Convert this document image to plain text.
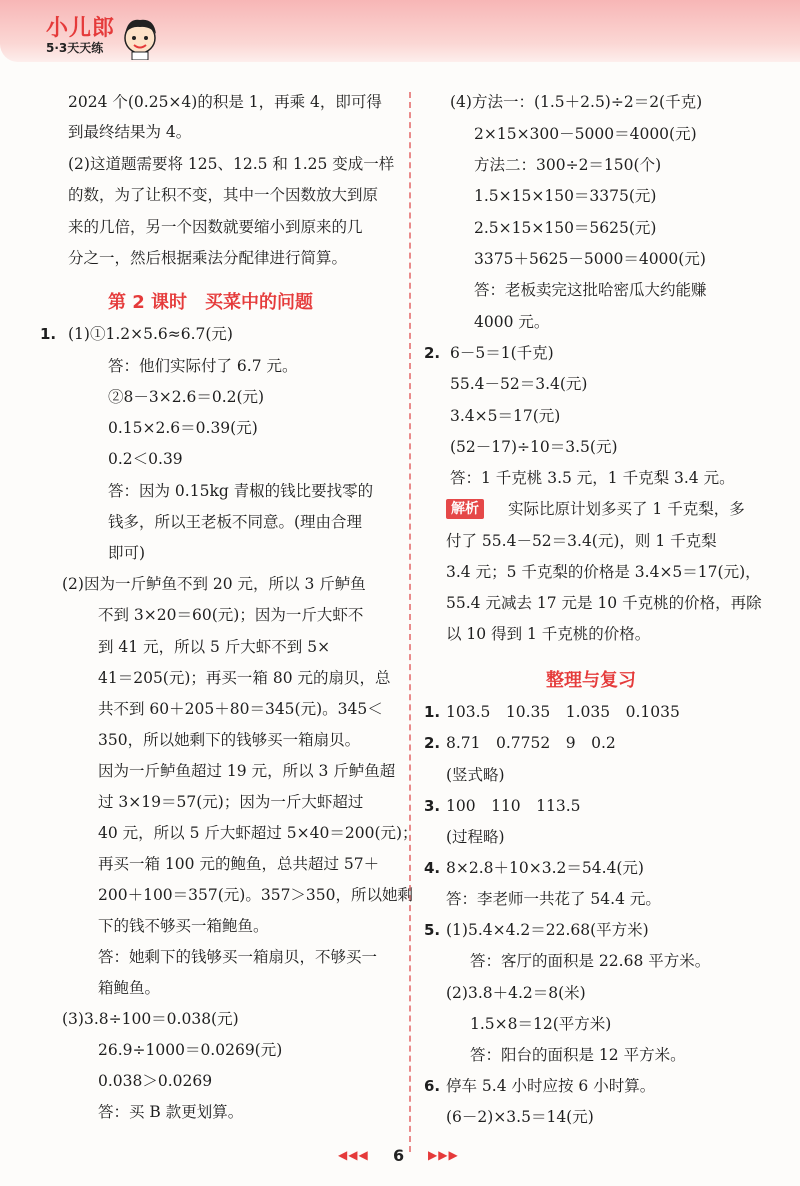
小儿郎
5·3天天练
2024 个(0.25×4)的积是 1，再乘 4，即可得
到最终结果为 4。
(2)这道题需要将 125、12.5 和 1.25 变成一样
的数，为了让积不变，其中一个因数放大到原
来的几倍，另一个因数就要缩小到原来的几
分之一，然后根据乘法分配律进行简算。
第 2 课时　买菜中的问题
1. (1)①1.2×5.6≈6.7(元)
答：他们实际付了 6.7 元。
②8－3×2.6＝0.2(元)
0.15×2.6＝0.39(元)
0.2＜0.39
答：因为 0.15kg 青椒的钱比要找零的
钱多，所以王老板不同意。(理由合理
即可)
(2)因为一斤鲈鱼不到 20 元，所以 3 斤鲈鱼
不到 3×20＝60(元)；因为一斤大虾不
到 41 元，所以 5 斤大虾不到 5×
41＝205(元)；再买一箱 80 元的扇贝，总
共不到 60＋205＋80＝345(元)。345＜
350，所以她剩下的钱够买一箱扇贝。
因为一斤鲈鱼超过 19 元，所以 3 斤鲈鱼超
过 3×19＝57(元)；因为一斤大虾超过
40 元，所以 5 斤大虾超过 5×40＝200(元)；
再买一箱 100 元的鲍鱼，总共超过 57＋
200＋100＝357(元)。357＞350，所以她剩
下的钱不够买一箱鲍鱼。
答：她剩下的钱够买一箱扇贝，不够买一
箱鲍鱼。
(3)3.8÷100＝0.038(元)
26.9÷1000＝0.0269(元)
0.038＞0.0269
答：买 B 款更划算。
(4)方法一：(1.5＋2.5)÷2＝2(千克)
2×15×300－5000＝4000(元)
方法二：300÷2＝150(个)
1.5×15×150＝3375(元)
2.5×15×150＝5625(元)
3375＋5625－5000＝4000(元)
答：老板卖完这批哈密瓜大约能赚
4000 元。
2. 6－5＝1(千克)
55.4－52＝3.4(元)
3.4×5＝17(元)
(52－17)÷10＝3.5(元)
答：1 千克桃 3.5 元，1 千克梨 3.4 元。
解析	实际比原计划多买了 1 千克梨，多
付了 55.4－52＝3.4(元)，则 1 千克梨
3.4 元；5 千克梨的价格是 3.4×5＝17(元)，
55.4 元减去 17 元是 10 千克桃的价格，再除
以 10 得到 1 千克桃的价格。
整理与复习
1. 103.5　10.35　1.035　0.1035
2. 8.71　0.7752　9　0.2
(竖式略)
3. 100　110　113.5
(过程略)
4. 8×2.8＋10×3.2＝54.4(元)
答：李老师一共花了 54.4 元。
5. (1)5.4×4.2＝22.68(平方米)
答：客厅的面积是 22.68 平方米。
(2)3.8＋4.2＝8(米)
1.5×8＝12(平方米)
答：阳台的面积是 12 平方米。
6. 停车 5.4 小时应按 6 小时算。
(6－2)×3.5＝14(元)
◀◀◀ 6 ▶▶▶
